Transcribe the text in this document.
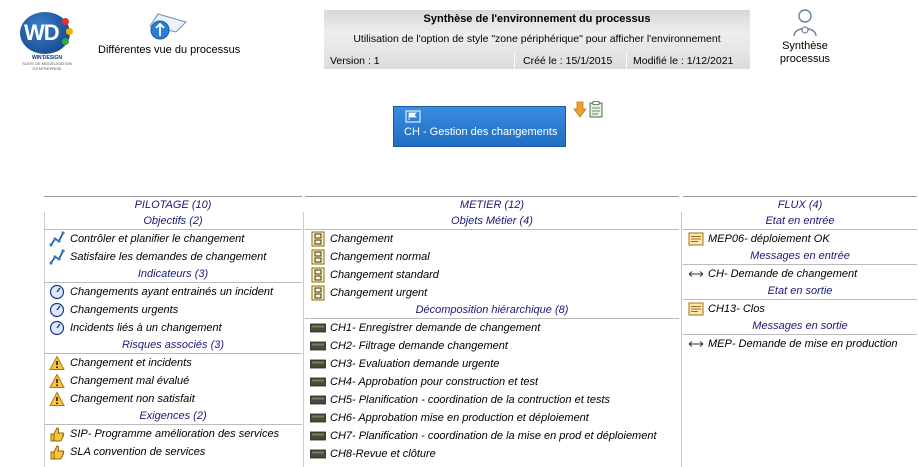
WD
WIN'DESIGN
SUITE DE MODÉLISATION D'ENTREPRISE
Différentes vue du processus
Synthèse de l'environnement du processus
Utilisation de l'option de style "zone périphérique" pour afficher l'environnement
Version : 1	Créé le : 15/1/2015 Modifié le : 1/12/2021
Synthèse
processus
CH - Gestion des changements
PILOTAGE (10)
Objectifs (2)
Contrôler et planifier le changement
Satisfaire les demandes de changement
Indicateurs (3)
Changements ayant entrainés un incident
Changements urgents
Incidents liés à un changement
Risques associés (3)
Changement et incidents
Changement mal évalué
Changement non satisfait
Exigences (2)
SIP- Programme amélioration des services
SLA convention de services
METIER (12)
Objets Métier (4)
Changement
Changement normal
Changement standard
Changement urgent
Décomposition hiérarchique (8)
CH1- Enregistrer demande de changement
CH2- Filtrage demande changement
CH3- Evaluation demande urgente
CH4- Approbation pour construction et test
CH5- Planification - coordination de la contruction et tests
CH6- Approbation mise en production et déploiement
CH7- Planification - coordination de la mise en prod et déploiement
CH8-Revue et clôture
FLUX (4)
Etat en entrée
MEP06- déploiement OK
Messages en entrée
CH- Demande de changement
Etat en sortie
CH13- Clos
Messages en sortie
MEP- Demande de mise en production
